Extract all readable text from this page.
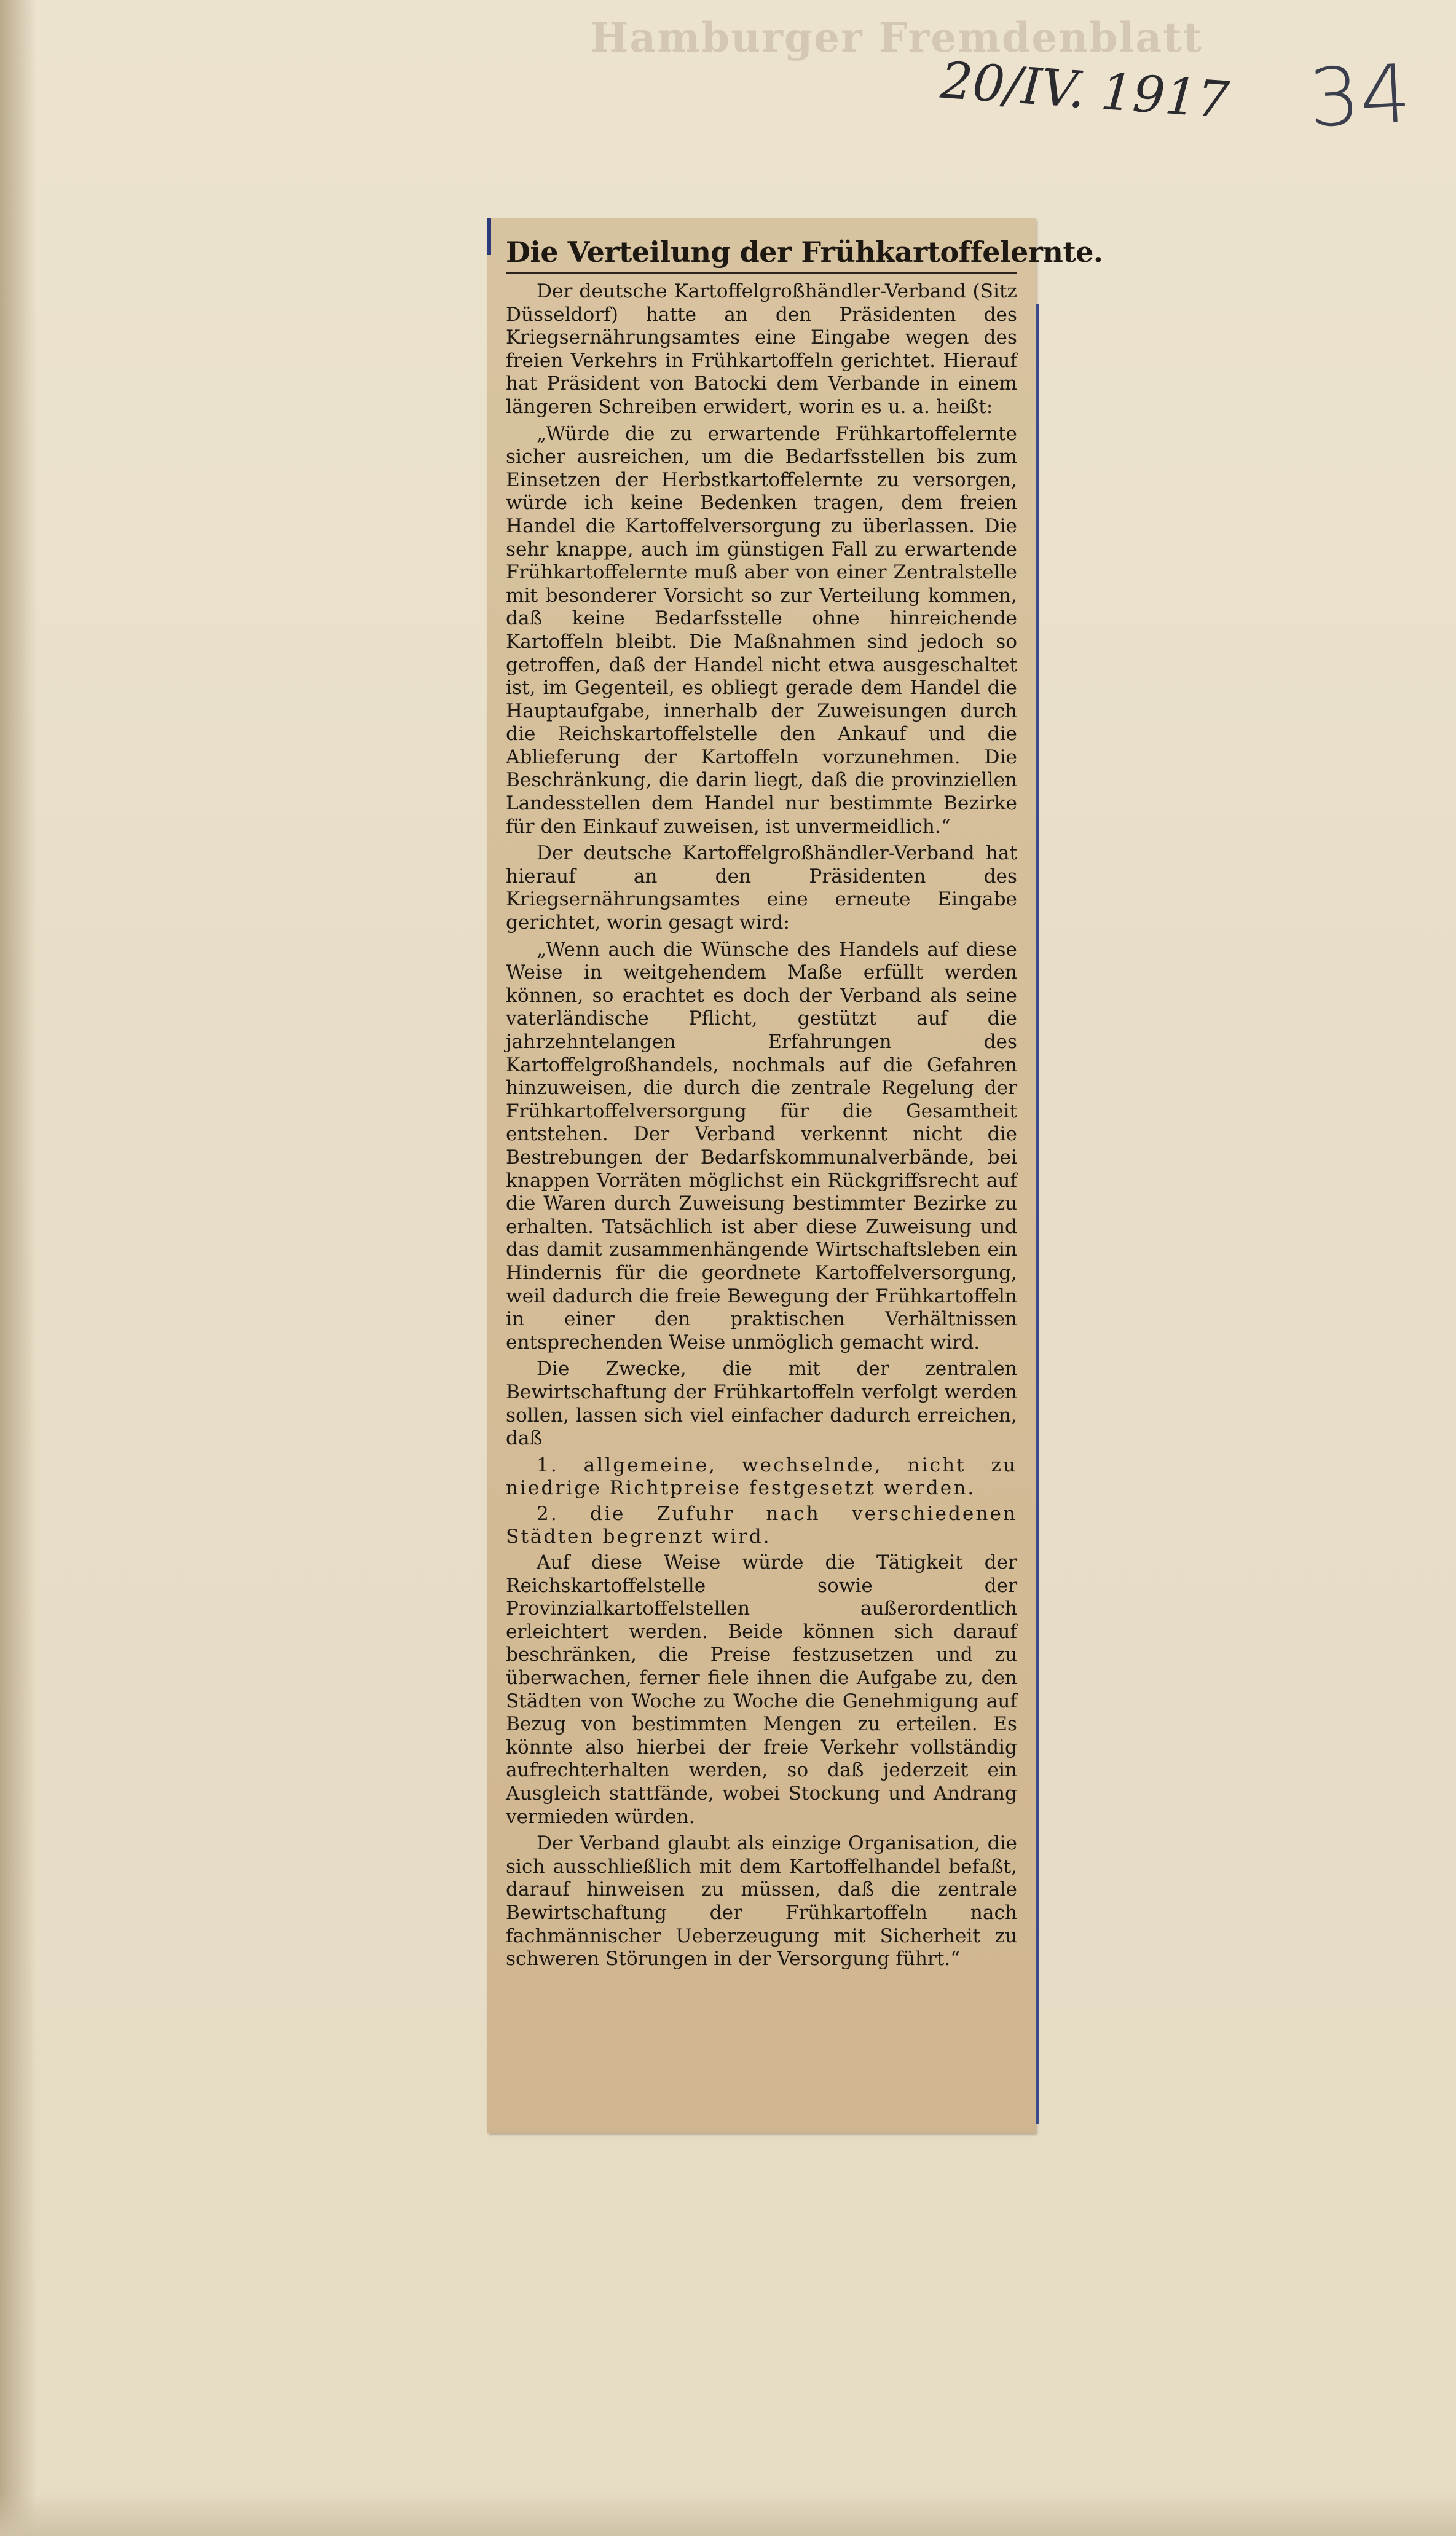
Hamburger Fremdenblatt
20/IV. 1917 34
Die Verteilung der Frühkartoffelernte.

Der deutsche Kartoffelgroßhändler-Verband (Sitz Düsseldorf) hatte an den Präsidenten des Kriegsernährungsamtes eine Eingabe wegen des freien Verkehrs in Frühkartoffeln gerichtet. Hierauf hat Präsident von Batocki dem Verbande in einem längeren Schreiben erwidert, worin es u. a. heißt:

„Würde die zu erwartende Frühkartoffelernte sicher ausreichen, um die Bedarfsstellen bis zum Einsetzen der Herbstkartoffelernte zu versorgen, würde ich keine Bedenken tragen, dem freien Handel die Kartoffelversorgung zu überlassen. Die sehr knappe, auch im günstigen Fall zu erwartende Frühkartoffelernte muß aber von einer Zentralstelle mit besonderer Vorsicht so zur Verteilung kommen, daß keine Bedarfsstelle ohne hinreichende Kartoffeln bleibt. Die Maßnahmen sind jedoch so getroffen, daß der Handel nicht etwa ausgeschaltet ist, im Gegenteil, es obliegt gerade dem Handel die Hauptaufgabe, innerhalb der Zuweisungen durch die Reichskartoffelstelle den Ankauf und die Ablieferung der Kartoffeln vorzunehmen. Die Beschränkung, die darin liegt, daß die provinziellen Landesstellen dem Handel nur bestimmte Bezirke für den Einkauf zuweisen, ist unvermeidlich.“

Der deutsche Kartoffelgroßhändler-Verband hat hierauf an den Präsidenten des Kriegsernährungsamtes eine erneute Eingabe gerichtet, worin gesagt wird:

„Wenn auch die Wünsche des Handels auf diese Weise in weitgehendem Maße erfüllt werden können, so erachtet es doch der Verband als seine vaterländische Pflicht, gestützt auf die jahrzehntelangen Erfahrungen des Kartoffelgroßhandels, nochmals auf die Gefahren hinzuweisen, die durch die zentrale Regelung der Frühkartoffelversorgung für die Gesamtheit entstehen. Der Verband verkennt nicht die Bestrebungen der Bedarfskommunalverbände, bei knappen Vorräten möglichst ein Rückgriffsrecht auf die Waren durch Zuweisung bestimmter Bezirke zu erhalten. Tatsächlich ist aber diese Zuweisung und das damit zusammenhängende Wirtschaftsleben ein Hindernis für die geordnete Kartoffelversorgung, weil dadurch die freie Bewegung der Frühkartoffeln in einer den praktischen Verhältnissen entsprechenden Weise unmöglich gemacht wird.

Die Zwecke, die mit der zentralen Bewirtschaftung der Frühkartoffeln verfolgt werden sollen, lassen sich viel einfacher dadurch erreichen, daß

1. allgemeine, wechselnde, nicht zu niedrige Richtpreise festgesetzt werden.
2. die Zufuhr nach verschiedenen Städten begrenzt wird.

Auf diese Weise würde die Tätigkeit der Reichskartoffelstelle sowie der Provinzialkartoffelstellen außerordentlich erleichtert werden. Beide können sich darauf beschränken, die Preise festzusetzen und zu überwachen, ferner fiele ihnen die Aufgabe zu, den Städten von Woche zu Woche die Genehmigung auf Bezug von bestimmten Mengen zu erteilen. Es könnte also hierbei der freie Verkehr vollständig aufrechterhalten werden, so daß jederzeit ein Ausgleich stattfände, wobei Stockung und Andrang vermieden würden.

Der Verband glaubt als einzige Organisation, die sich ausschließlich mit dem Kartoffelhandel befaßt, darauf hinweisen zu müssen, daß die zentrale Bewirtschaftung der Frühkartoffeln nach fachmännischer Ueberzeugung mit Sicherheit zu schweren Störungen in der Versorgung führt.“
